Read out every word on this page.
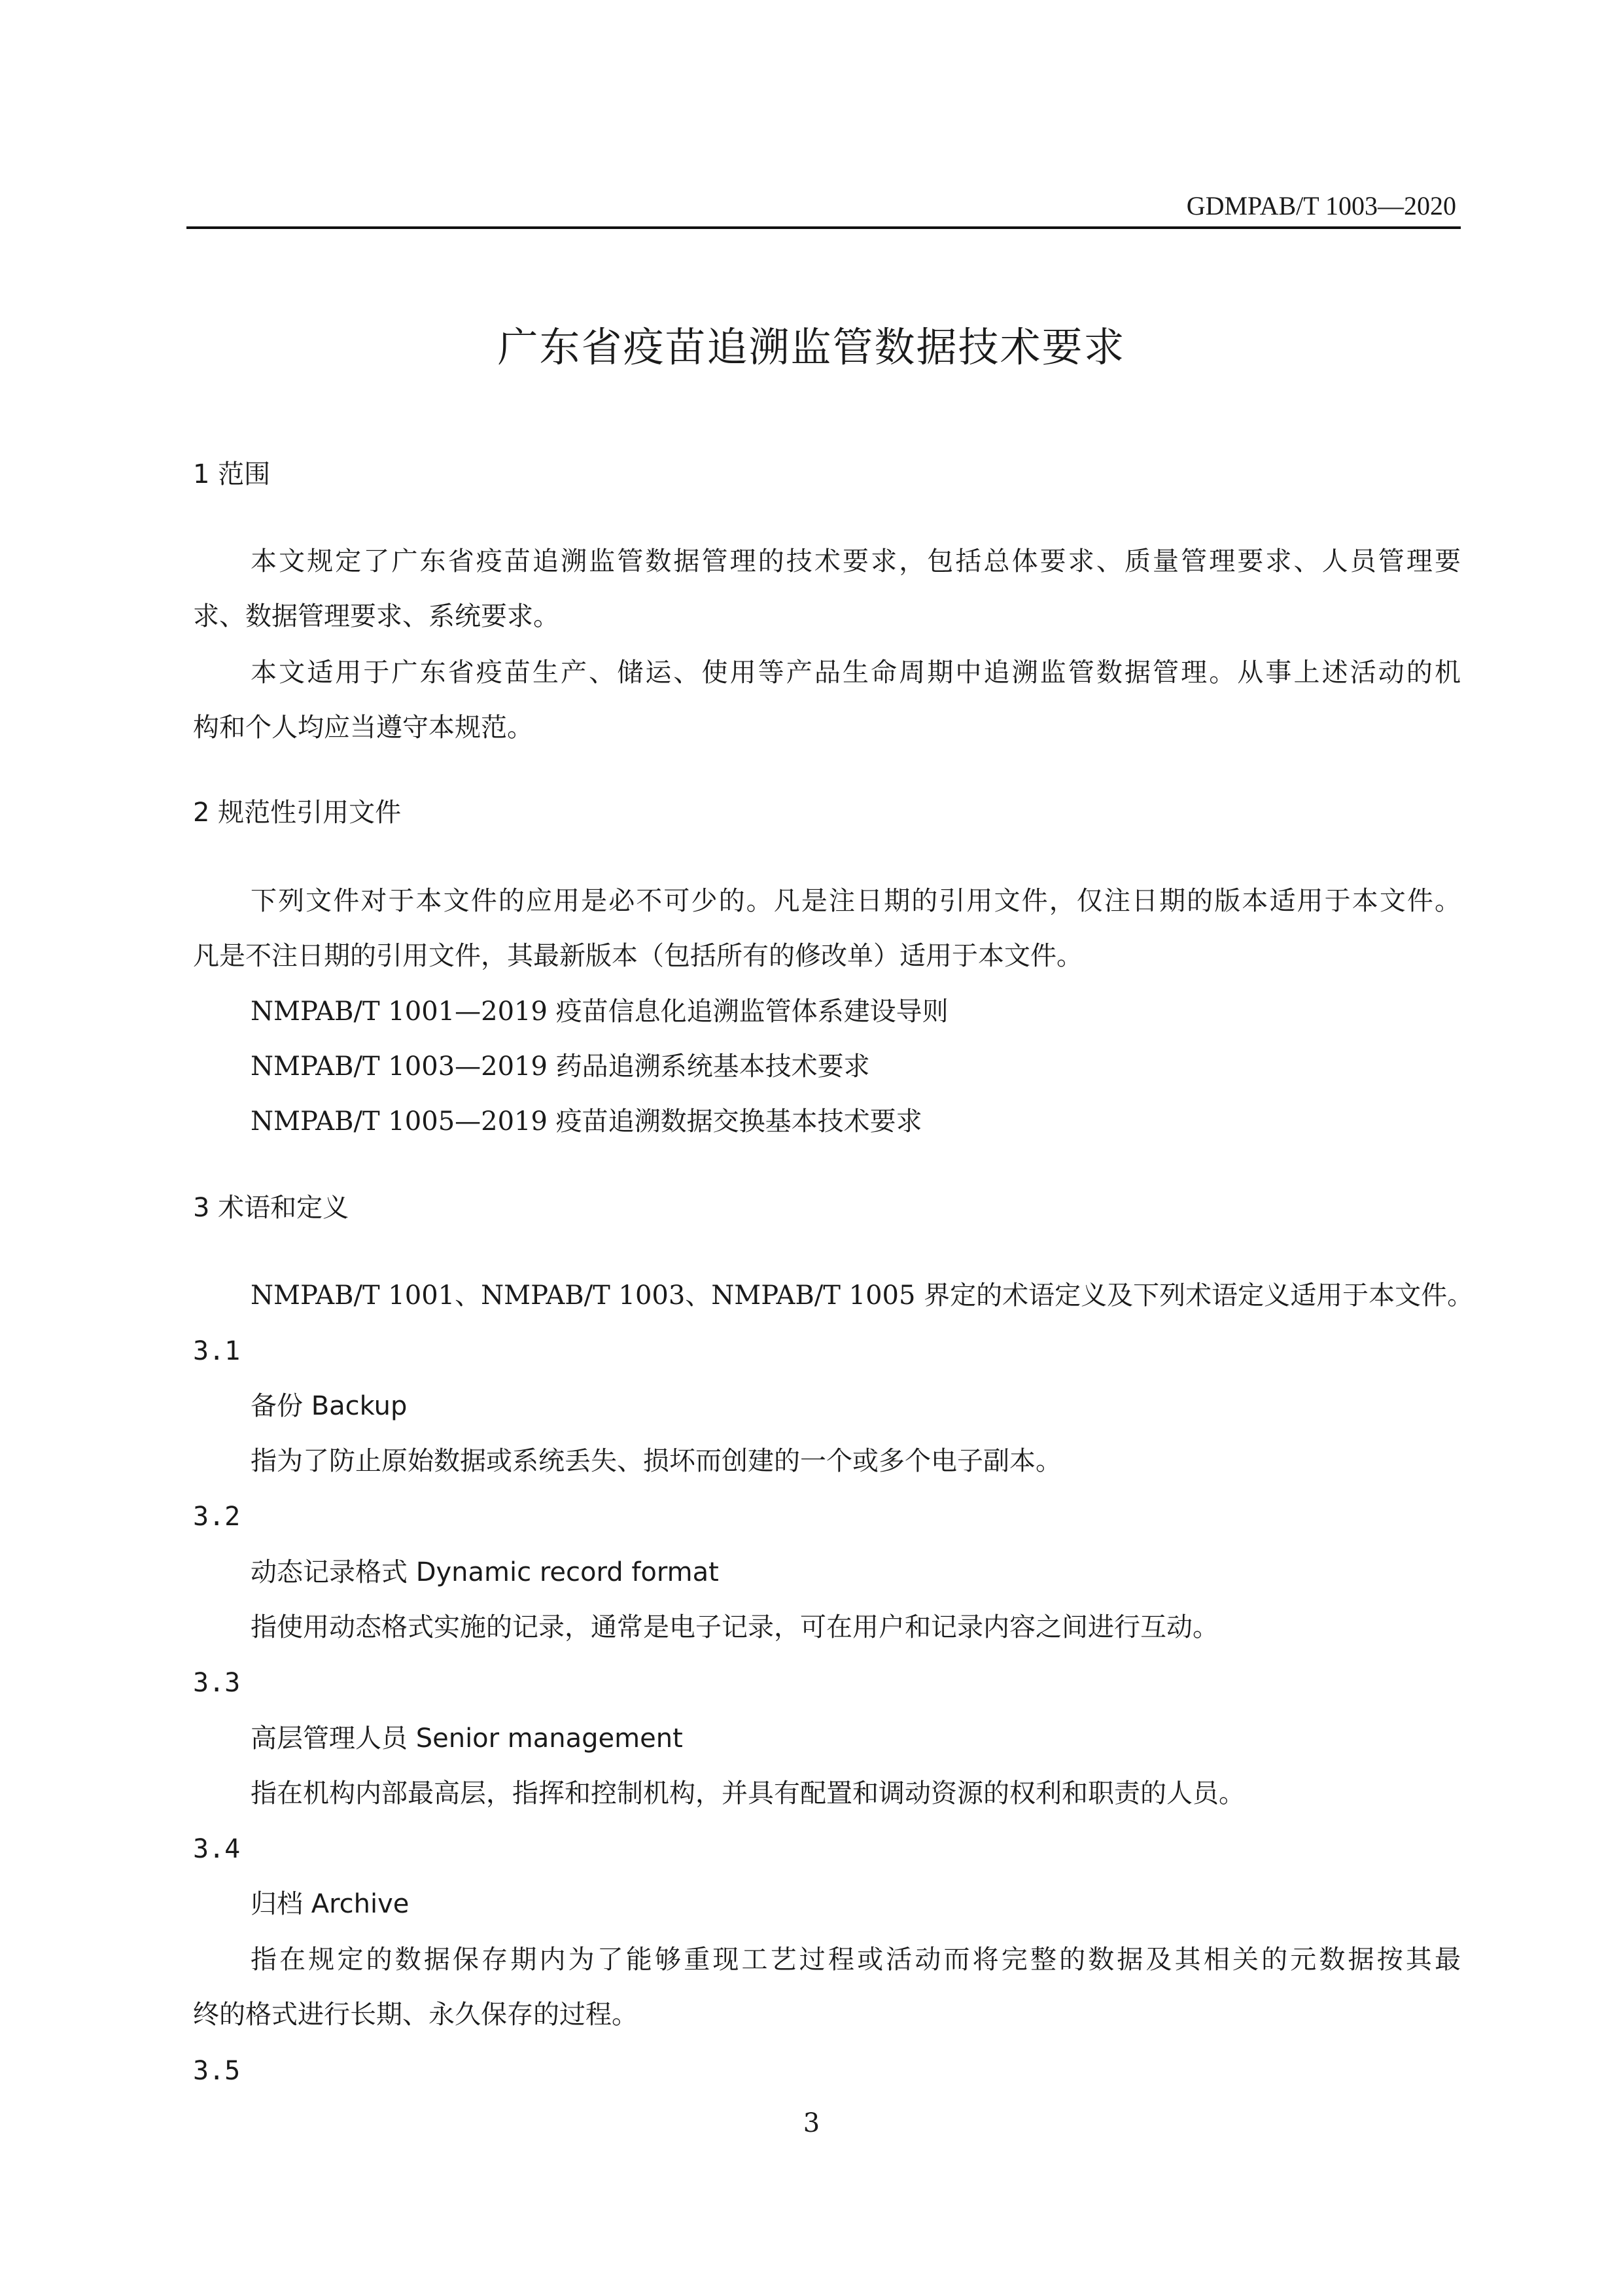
GDMPAB/T 1003—2020
广东省疫苗追溯监管数据技术要求
1 范围
本文规定了广东省疫苗追溯监管数据管理的技术要求，包括总体要求、质量管理要求、人员管理要
求、数据管理要求、系统要求。
本文适用于广东省疫苗生产、储运、使用等产品生命周期中追溯监管数据管理。从事上述活动的机
构和个人均应当遵守本规范。
2 规范性引用文件
下列文件对于本文件的应用是必不可少的。凡是注日期的引用文件，仅注日期的版本适用于本文件。
凡是不注日期的引用文件，其最新版本（包括所有的修改单）适用于本文件。
NMPAB/T 1001—2019 疫苗信息化追溯监管体系建设导则
NMPAB/T 1003—2019 药品追溯系统基本技术要求
NMPAB/T 1005—2019 疫苗追溯数据交换基本技术要求
3 术语和定义
NMPAB/T 1001、NMPAB/T 1003、NMPAB/T 1005 界定的术语定义及下列术语定义适用于本文件。
3.1
备份 Backup
指为了防止原始数据或系统丢失、损坏而创建的一个或多个电子副本。
3.2
动态记录格式 Dynamic record format
指使用动态格式实施的记录，通常是电子记录，可在用户和记录内容之间进行互动。
3.3
高层管理人员 Senior management
指在机构内部最高层，指挥和控制机构，并具有配置和调动资源的权利和职责的人员。
3.4
归档 Archive
指在规定的数据保存期内为了能够重现工艺过程或活动而将完整的数据及其相关的元数据按其最
终的格式进行长期、永久保存的过程。
3.5
3
